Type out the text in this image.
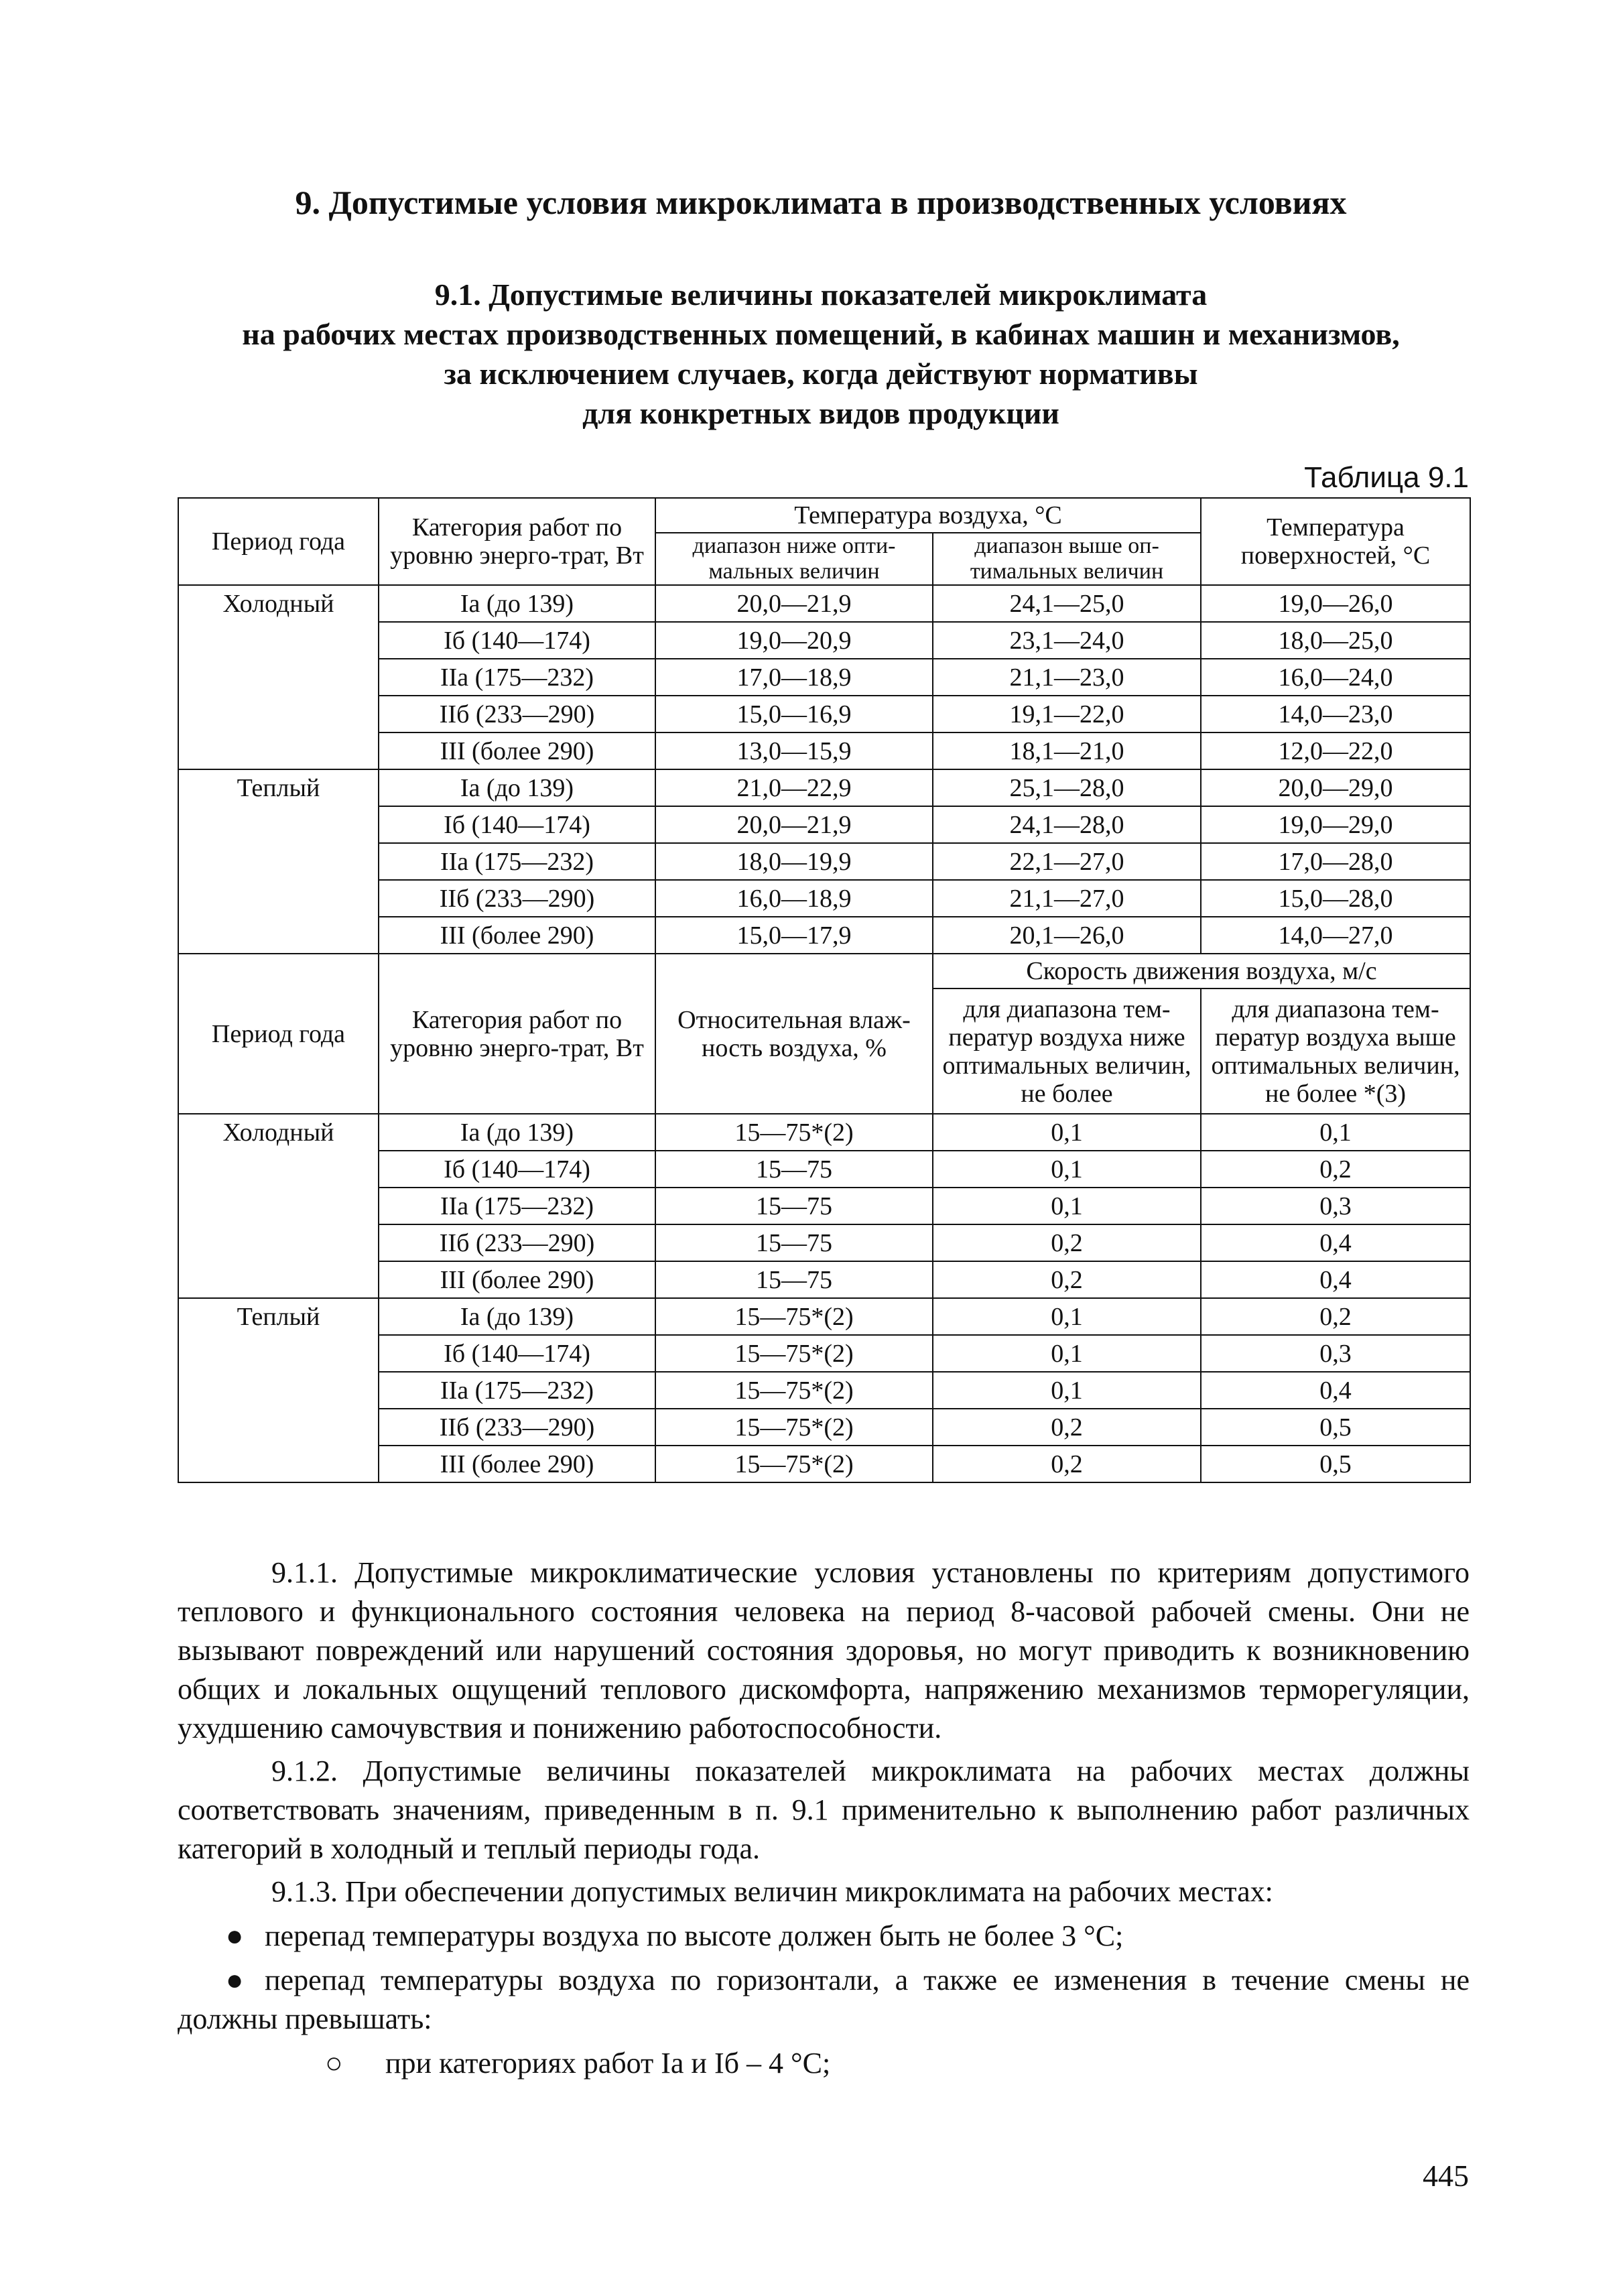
9. Допустимые условия микроклимата в производственных условиях
9.1. Допустимые величины показателей микроклимата
на рабочих местах производственных помещений, в кабинах машин и механизмов,
за исключением случаев, когда действуют нормативы
для конкретных видов продукции
Таблица 9.1
Период года	Категория работ по уровню энерго-трат, Вт	Температура воздуха, °С		Температура поверхностей, °С
		диапазон ниже опти-мальных величин	диапазон выше оп-тимальных величин	
Холодный	Ia (до 139)	20,0—21,9	24,1—25,0	19,0—26,0
	Iб (140—174)	19,0—20,9	23,1—24,0	18,0—25,0
	IIa (175—232)	17,0—18,9	21,1—23,0	16,0—24,0
	IIб (233—290)	15,0—16,9	19,1—22,0	14,0—23,0
	III (более 290)	13,0—15,9	18,1—21,0	12,0—22,0
Теплый	Ia (до 139)	21,0—22,9	25,1—28,0	20,0—29,0
	Iб (140—174)	20,0—21,9	24,1—28,0	19,0—29,0
	IIa (175—232)	18,0—19,9	22,1—27,0	17,0—28,0
	IIб (233—290)	16,0—18,9	21,1—27,0	15,0—28,0
	III (более 290)	15,0—17,9	20,1—26,0	14,0—27,0
Период года	Категория работ по уровню энерго-трат, Вт	Относительная влаж-ность воздуха, %	Скорость движения воздуха, м/с	
			для диапазона тем-ператур воздуха ниже оптимальных величин, не более	для диапазона тем-ператур воздуха выше оптимальных величин, не более *(3)
Холодный	Ia (до 139)	15—75*(2)	0,1	0,1
	Iб (140—174)	15—75	0,1	0,2
	IIa (175—232)	15—75	0,1	0,3
	IIб (233—290)	15—75	0,2	0,4
	III (более 290)	15—75	0,2	0,4
Теплый	Ia (до 139)	15—75*(2)	0,1	0,2
	Iб (140—174)	15—75*(2)	0,1	0,3
	IIa (175—232)	15—75*(2)	0,1	0,4
	IIб (233—290)	15—75*(2)	0,2	0,5
	III (более 290)	15—75*(2)	0,2	0,5

9.1.1. Допустимые микроклиматические условия установлены по критериям допустимого теплового и функционального состояния человека на период 8-часовой рабочей смены. Они не вызывают повреждений или нарушений состояния здоровья, но могут приводить к возникновению общих и локальных ощущений теплового дискомфорта, напряжению механизмов терморегуляции, ухудшению самочувствия и понижению работоспособности.

9.1.2. Допустимые величины показателей микроклимата на рабочих местах должны соответствовать значениям, приведенным в п. 9.1 применительно к выполнению работ различных категорий в холодный и теплый периоды года.

9.1.3. При обеспечении допустимых величин микроклимата на рабочих местах:

● перепад температуры воздуха по высоте должен быть не более 3 °С;
● перепад температуры воздуха по горизонтали, а также ее изменения в течение смены не должны превышать:
○ при категориях работ Ia и Iб – 4 °С;
445
